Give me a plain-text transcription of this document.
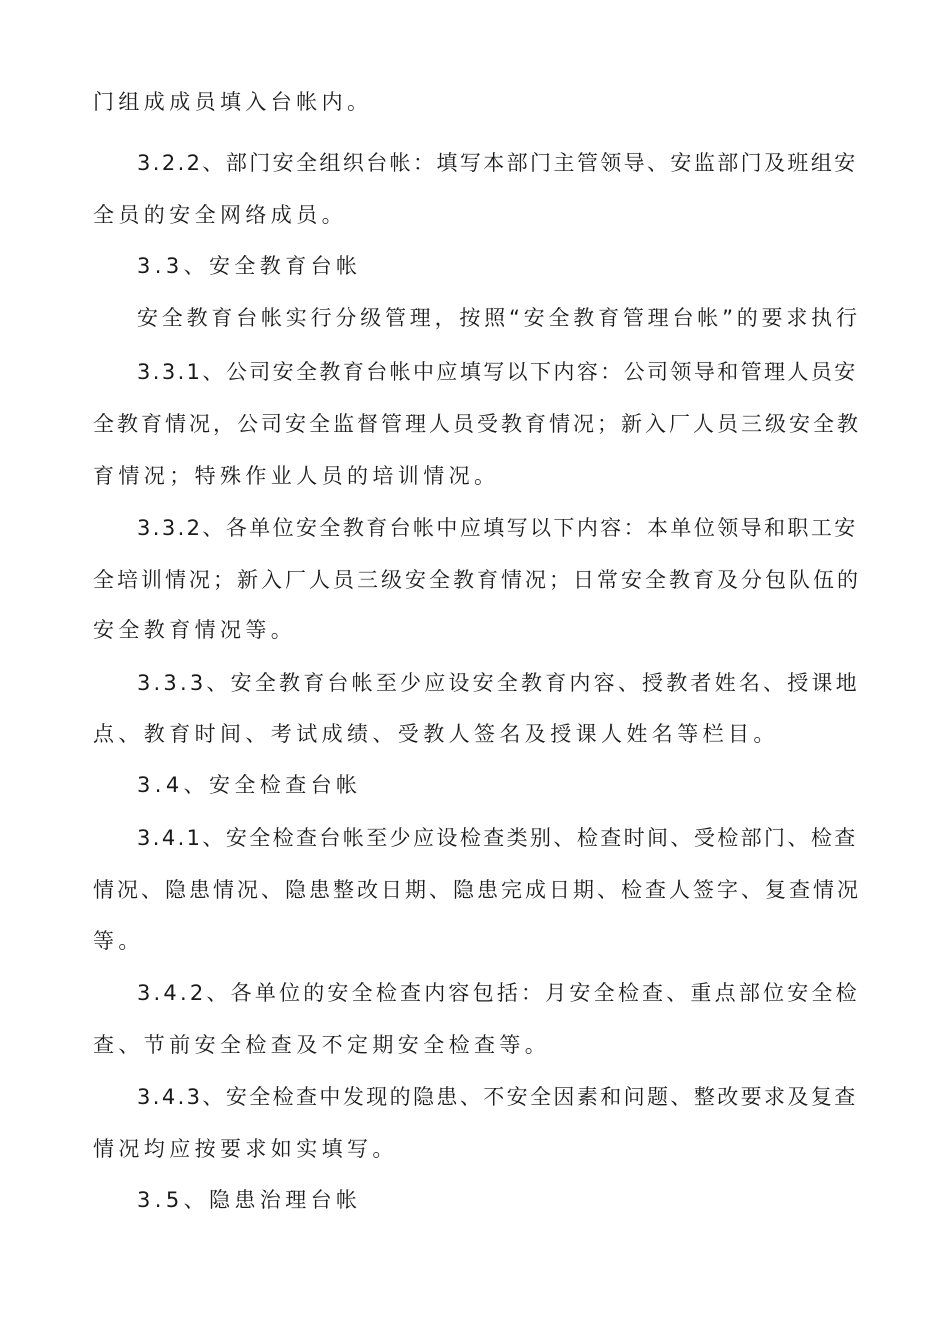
门组成成员填入台帐内。
3.2.2、部门安全组织台帐：填写本部门主管领导、安监部门及班组安
全员的安全网络成员。
3.3、安全教育台帐
安全教育台帐实行分级管理，按照“安全教育管理台帐”的要求执行
3.3.1、公司安全教育台帐中应填写以下内容：公司领导和管理人员安
全教育情况，公司安全监督管理人员受教育情况；新入厂人员三级安全教
育情况；特殊作业人员的培训情况。
3.3.2、各单位安全教育台帐中应填写以下内容：本单位领导和职工安
全培训情况；新入厂人员三级安全教育情况；日常安全教育及分包队伍的
安全教育情况等。
3.3.3、安全教育台帐至少应设安全教育内容、授教者姓名、授课地
点、教育时间、考试成绩、受教人签名及授课人姓名等栏目。
3.4、安全检查台帐
3.4.1、安全检查台帐至少应设检查类别、检查时间、受检部门、检查
情况、隐患情况、隐患整改日期、隐患完成日期、检查人签字、复查情况
等。
3.4.2、各单位的安全检查内容包括：月安全检查、重点部位安全检
查、节前安全检查及不定期安全检查等。
3.4.3、安全检查中发现的隐患、不安全因素和问题、整改要求及复查
情况均应按要求如实填写。
3.5、隐患治理台帐
